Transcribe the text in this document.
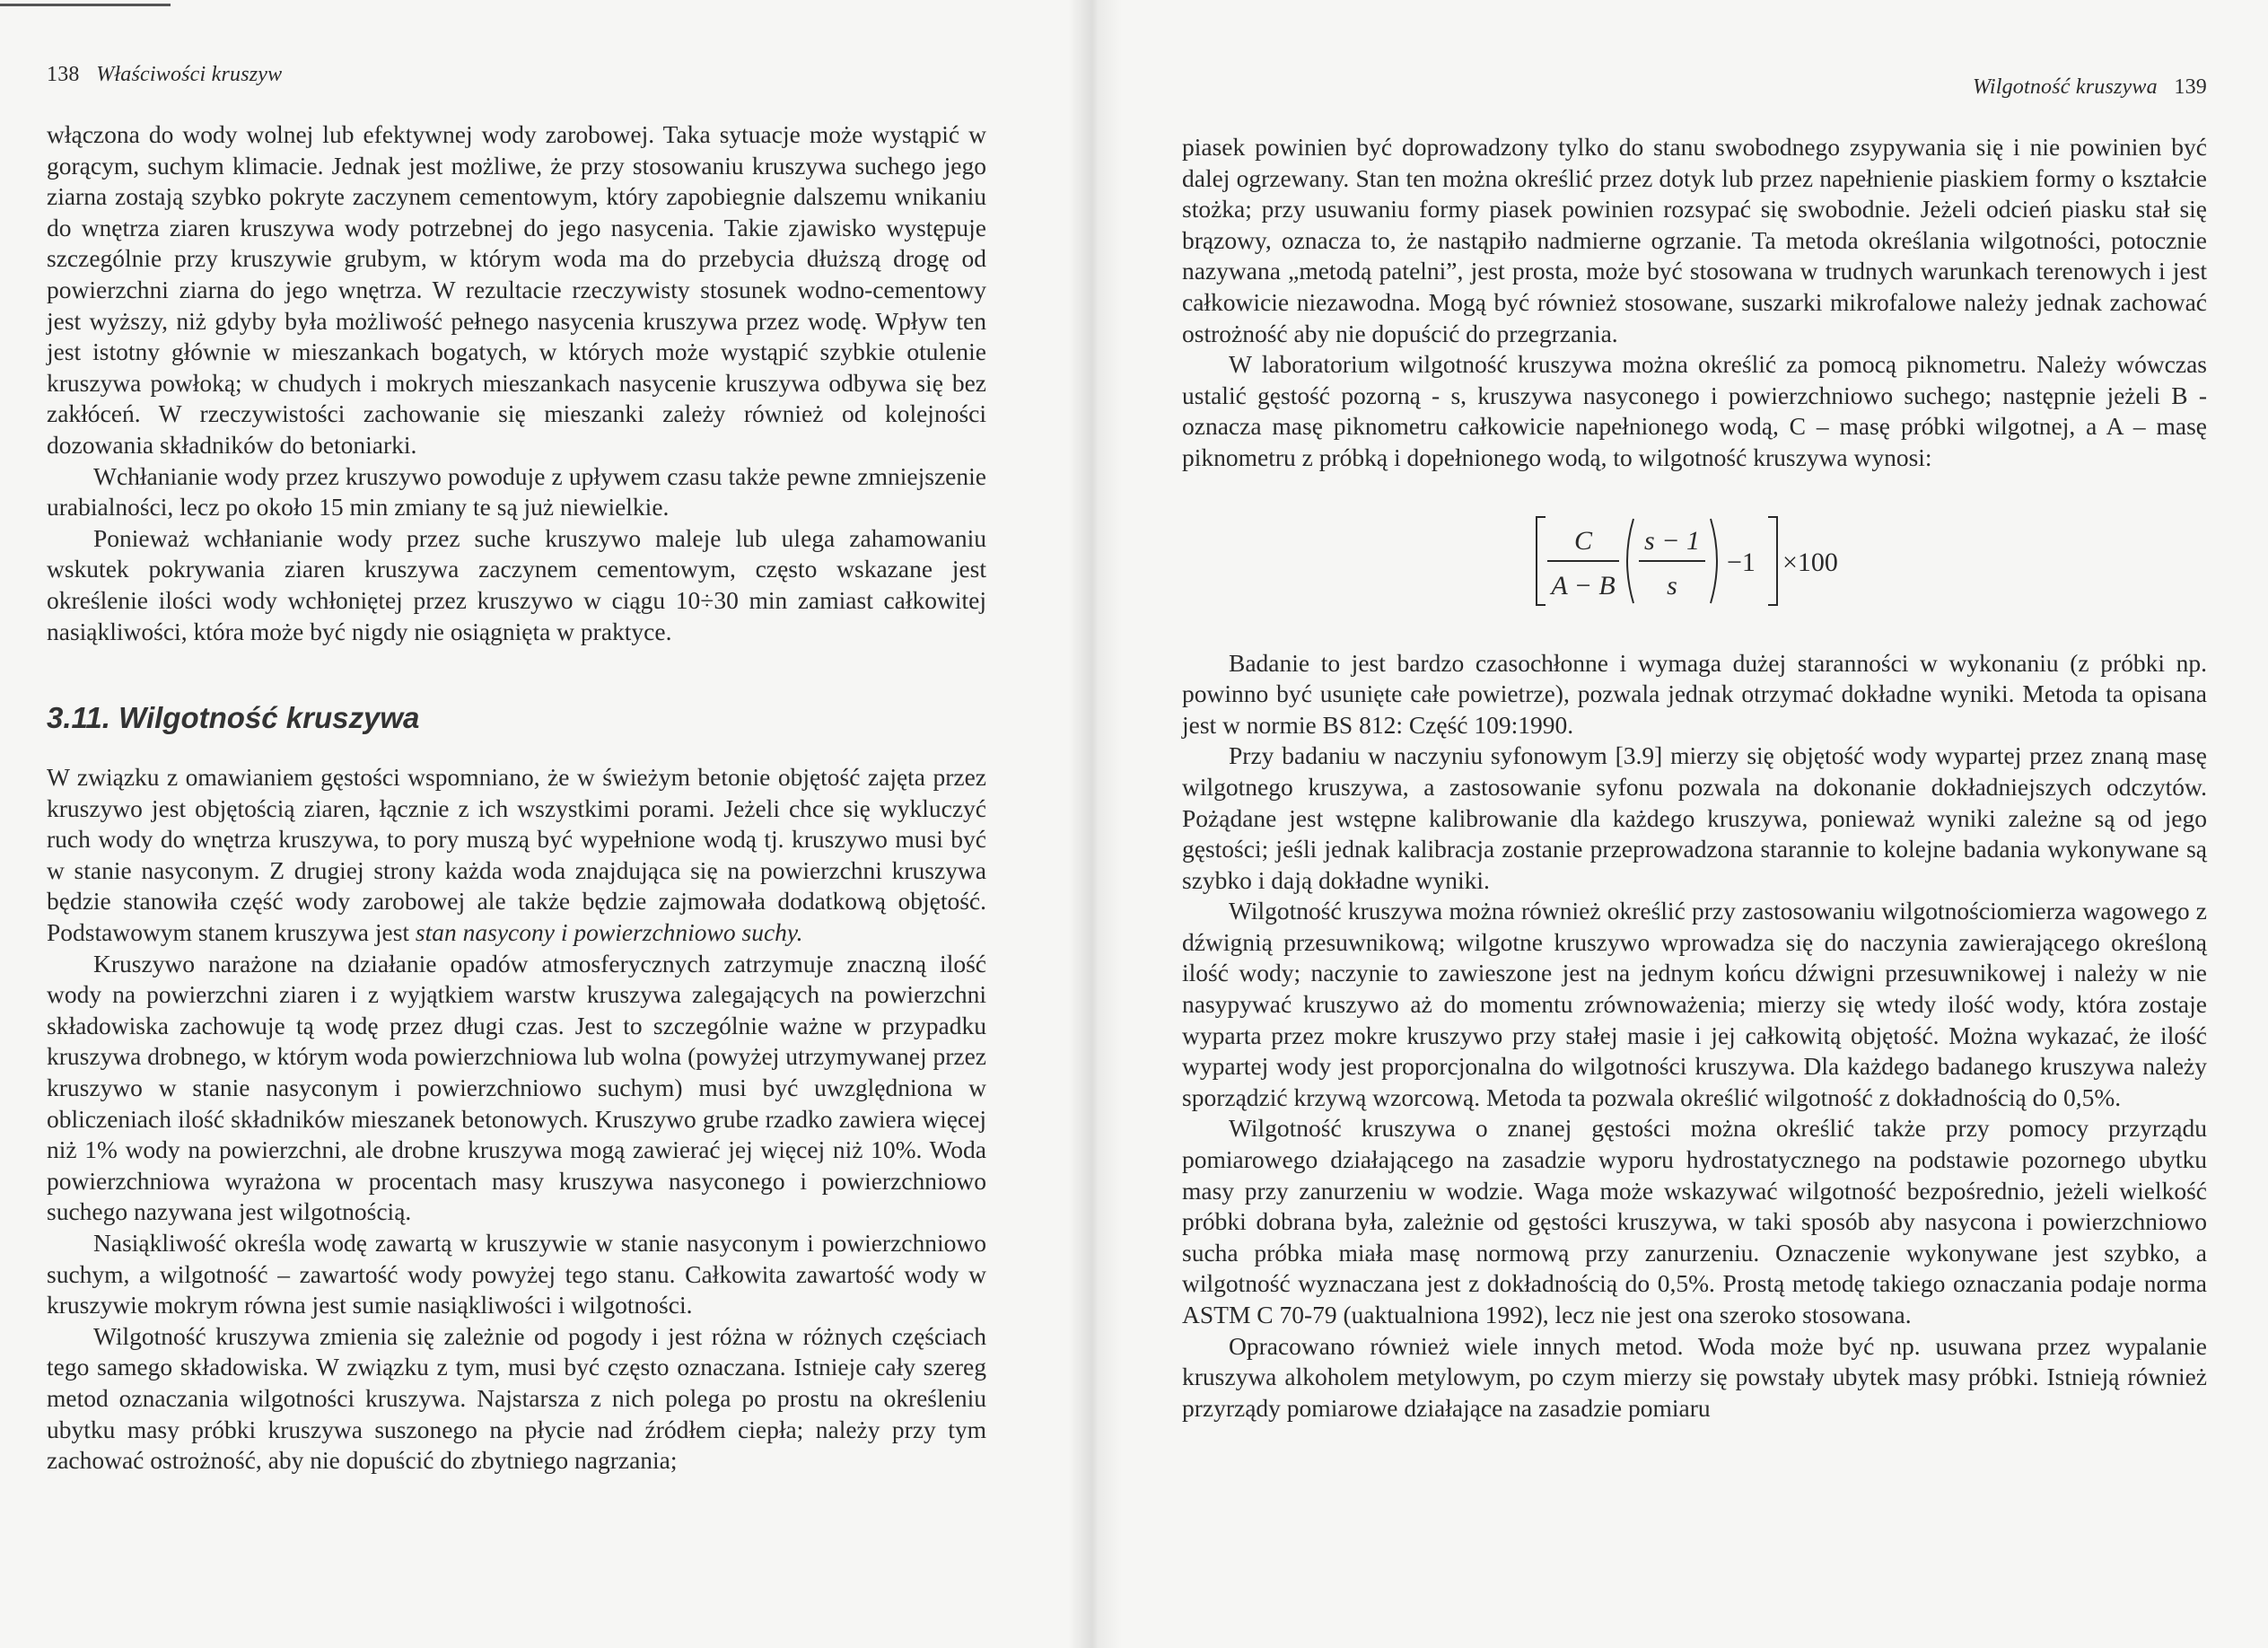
138 Właściwości kruszyw

włączona do wody wolnej lub efektywnej wody zarobowej. Taka sytuacje może wystąpić w gorącym, suchym klimacie. Jednak jest możliwe, że przy stosowaniu kruszywa suchego jego ziarna zostają szybko pokryte zaczynem cementowym, który zapobiegnie dalszemu wnikaniu do wnętrza ziaren kruszywa wody potrzebnej do jego nasycenia. Takie zjawisko występuje szczególnie przy kruszywie grubym, w którym woda ma do przebycia dłuższą drogę od powierzchni ziarna do jego wnętrza. W rezultacie rzeczywisty stosunek wodno-cementowy jest wyższy, niż gdyby była możliwość pełnego nasycenia kruszywa przez wodę. Wpływ ten jest istotny głównie w mieszankach bogatych, w których może wystąpić szybkie otulenie kruszywa powłoką; w chudych i mokrych mieszankach nasycenie kruszywa odbywa się bez zakłóceń. W rzeczywistości zachowanie się mieszanki zależy również od kolejności dozowania składników do betoniarki.

Wchłanianie wody przez kruszywo powoduje z upływem czasu także pewne zmniejszenie urabialności, lecz po około 15 min zmiany te są już niewielkie.

Ponieważ wchłanianie wody przez suche kruszywo maleje lub ulega zahamowaniu wskutek pokrywania ziaren kruszywa zaczynem cementowym, często wskazane jest określenie ilości wody wchłoniętej przez kruszywo w ciągu 10÷30 min zamiast całkowitej nasiąkliwości, która może być nigdy nie osiągnięta w praktyce.

3.11. Wilgotność kruszywa

W związku z omawianiem gęstości wspomniano, że w świeżym betonie objętość zajęta przez kruszywo jest objętością ziaren, łącznie z ich wszystkimi porami. Jeżeli chce się wykluczyć ruch wody do wnętrza kruszywa, to pory muszą być wypełnione wodą tj. kruszywo musi być w stanie nasyconym. Z drugiej strony każda woda znajdująca się na powierzchni kruszywa będzie stanowiła część wody zarobowej ale także będzie zajmowała dodatkową objętość. Podstawowym stanem kruszywa jest stan nasycony i powierzchniowo suchy.

Kruszywo narażone na działanie opadów atmosferycznych zatrzymuje znaczną ilość wody na powierzchni ziaren i z wyjątkiem warstw kruszywa zalegających na powierzchni składowiska zachowuje tą wodę przez długi czas. Jest to szczególnie ważne w przypadku kruszywa drobnego, w którym woda powierzchniowa lub wolna (powyżej utrzymywanej przez kruszywo w stanie nasyconym i powierzchniowo suchym) musi być uwzględniona w obliczeniach ilość składników mieszanek betonowych. Kruszywo grube rzadko zawiera więcej niż 1% wody na powierzchni, ale drobne kruszywa mogą zawierać jej więcej niż 10%. Woda powierzchniowa wyrażona w procentach masy kruszywa nasyconego i powierzchniowo suchego nazywana jest wilgotnością.

Nasiąkliwość określa wodę zawartą w kruszywie w stanie nasyconym i powierzchniowo suchym, a wilgotność – zawartość wody powyżej tego stanu. Całkowita zawartość wody w kruszywie mokrym równa jest sumie nasiąkliwości i wilgotności.

Wilgotność kruszywa zmienia się zależnie od pogody i jest różna w różnych częściach tego samego składowiska. W związku z tym, musi być często oznaczana. Istnieje cały szereg metod oznaczania wilgotności kruszywa. Najstarsza z nich polega po prostu na określeniu ubytku masy próbki kruszywa suszonego na płycie nad źródłem ciepła; należy przy tym zachować ostrożność, aby nie dopuścić do zbytniego nagrzania;

Wilgotność kruszywa 139

piasek powinien być doprowadzony tylko do stanu swobodnego zsypywania się i nie powinien być dalej ogrzewany. Stan ten można określić przez dotyk lub przez napełnienie piaskiem formy o kształcie stożka; przy usuwaniu formy piasek powinien rozsypać się swobodnie. Jeżeli odcień piasku stał się brązowy, oznacza to, że nastąpiło nadmierne ogrzanie. Ta metoda określania wilgotności, potocznie nazywana „metodą patelni”, jest prosta, może być stosowana w trudnych warunkach terenowych i jest całkowicie niezawodna. Mogą być również stosowane, suszarki mikrofalowe należy jednak zachować ostrożność aby nie dopuścić do przegrzania.

W laboratorium wilgotność kruszywa można określić za pomocą piknometru. Należy wówczas ustalić gęstość pozorną - s, kruszywa nasyconego i powierzchniowo suchego; następnie jeżeli B - oznacza masę piknometru całkowicie napełnionego wodą, C – masę próbki wilgotnej, a A – masę piknometru z próbką i dopełnionego wodą, to wilgotność kruszywa wynosi:

C
A − B
s − 1
s
−1 ×100

Badanie to jest bardzo czasochłonne i wymaga dużej staranności w wykonaniu (z próbki np. powinno być usunięte całe powietrze), pozwala jednak otrzymać dokładne wyniki. Metoda ta opisana jest w normie BS 812: Część 109:1990.

Przy badaniu w naczyniu syfonowym [3.9] mierzy się objętość wody wypartej przez znaną masę wilgotnego kruszywa, a zastosowanie syfonu pozwala na dokonanie dokładniejszych odczytów. Pożądane jest wstępne kalibrowanie dla każdego kruszywa, ponieważ wyniki zależne są od jego gęstości; jeśli jednak kalibracja zostanie przeprowadzona starannie to kolejne badania wykonywane są szybko i dają dokładne wyniki.

Wilgotność kruszywa można również określić przy zastosowaniu wilgotnościomierza wagowego z dźwignią przesuwnikową; wilgotne kruszywo wprowadza się do naczynia zawierającego określoną ilość wody; naczynie to zawieszone jest na jednym końcu dźwigni przesuwnikowej i należy w nie nasypywać kruszywo aż do momentu zrównoważenia; mierzy się wtedy ilość wody, która zostaje wyparta przez mokre kruszywo przy stałej masie i jej całkowitą objętość. Można wykazać, że ilość wypartej wody jest proporcjonalna do wilgotności kruszywa. Dla każdego badanego kruszywa należy sporządzić krzywą wzorcową. Metoda ta pozwala określić wilgotność z dokładnością do 0,5%.

Wilgotność kruszywa o znanej gęstości można określić także przy pomocy przyrządu pomiarowego działającego na zasadzie wyporu hydrostatycznego na podstawie pozornego ubytku masy przy zanurzeniu w wodzie. Waga może wskazywać wilgotność bezpośrednio, jeżeli wielkość próbki dobrana była, zależnie od gęstości kruszywa, w taki sposób aby nasycona i powierzchniowo sucha próbka miała masę normową przy zanurzeniu. Oznaczenie wykonywane jest szybko, a wilgotność wyznaczana jest z dokładnością do 0,5%. Prostą metodę takiego oznaczania podaje norma ASTM C 70-79 (uaktualniona 1992), lecz nie jest ona szeroko stosowana.

Opracowano również wiele innych metod. Woda może być np. usuwana przez wypalanie kruszywa alkoholem metylowym, po czym mierzy się powstały ubytek masy próbki. Istnieją również przyrządy pomiarowe działające na zasadzie pomiaru
